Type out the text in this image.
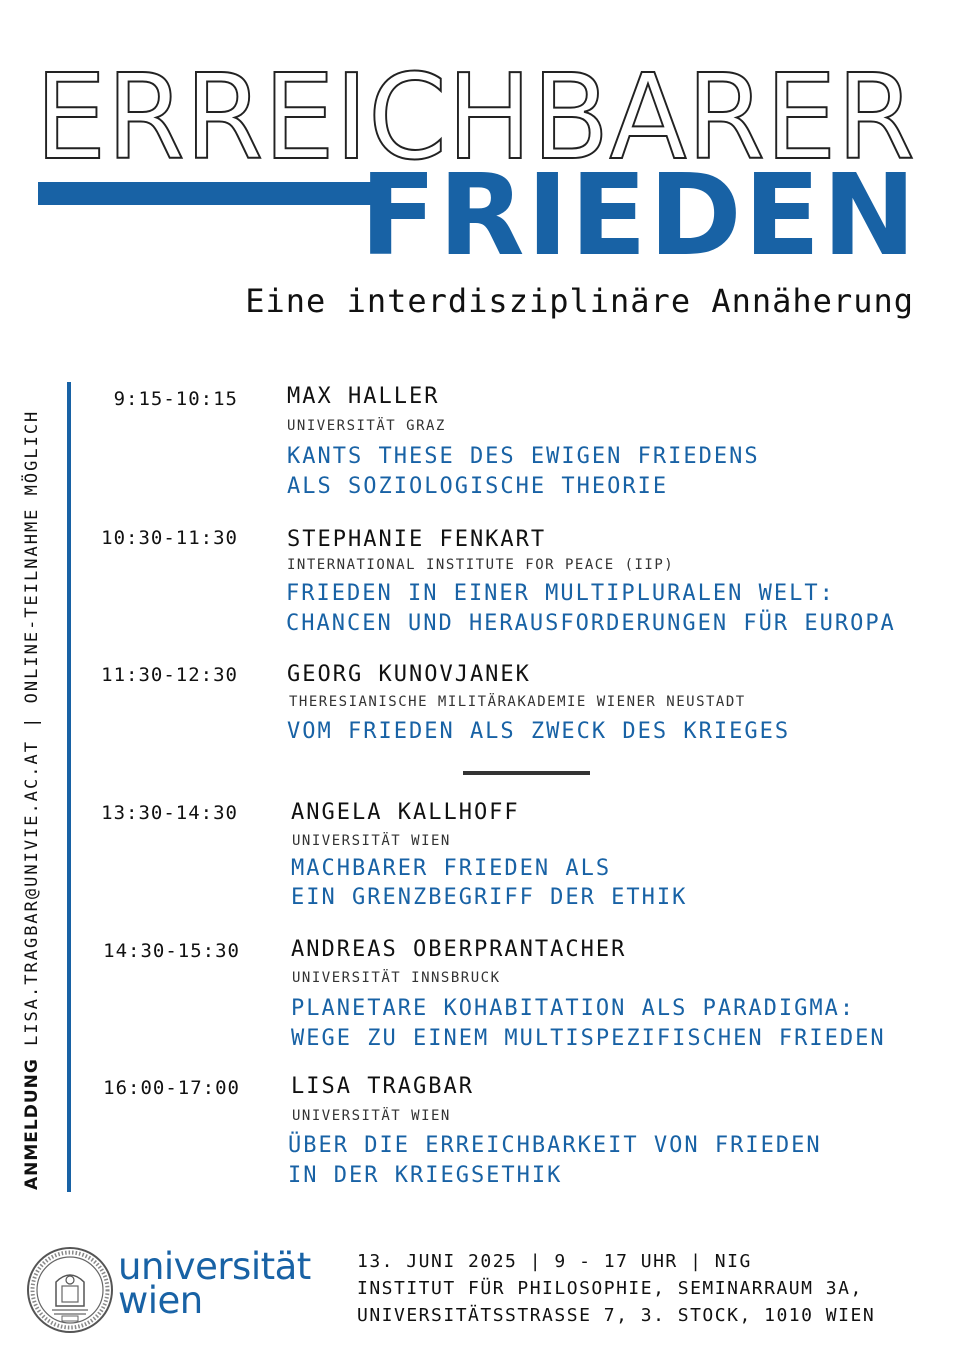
ERREICHBARER
FRIEDEN
Eine interdisziplinäre Annäherung
ANMELDUNG LISA.TRAGBAR@UNIVIE.AC.AT | ONLINE-TEILNAHME MÖGLICH
9:15-10:15 MAX HALLER
UNIVERSITÄT GRAZ
KANTS THESE DES EWIGEN FRIEDENS
ALS SOZIOLOGISCHE THEORIE
10:30-11:30 STEPHANIE FENKART
INTERNATIONAL INSTITUTE FOR PEACE (IIP)
FRIEDEN IN EINER MULTIPLURALEN WELT:
CHANCEN UND HERAUSFORDERUNGEN FÜR EUROPA
11:30-12:30 GEORG KUNOVJANEK
THERESIANISCHE MILITÄRAKADEMIE WIENER NEUSTADT
VOM FRIEDEN ALS ZWECK DES KRIEGES
13:30-14:30 ANGELA KALLHOFF
UNIVERSITÄT WIEN
MACHBARER FRIEDEN ALS
EIN GRENZBEGRIFF DER ETHIK
14:30-15:30 ANDREAS OBERPRANTACHER
UNIVERSITÄT INNSBRUCK
PLANETARE KOHABITATION ALS PARADIGMA:
WEGE ZU EINEM MULTISPEZIFISCHEN FRIEDEN
16:00-17:00 LISA TRAGBAR
UNIVERSITÄT WIEN
ÜBER DIE ERREICHBARKEIT VON FRIEDEN
IN DER KRIEGSETHIK
universität
wien
13. JUNI 2025 | 9 - 17 UHR | NIG
INSTITUT FÜR PHILOSOPHIE, SEMINARRAUM 3A,
UNIVERSITÄTSSTRASSE 7, 3. STOCK, 1010 WIEN
